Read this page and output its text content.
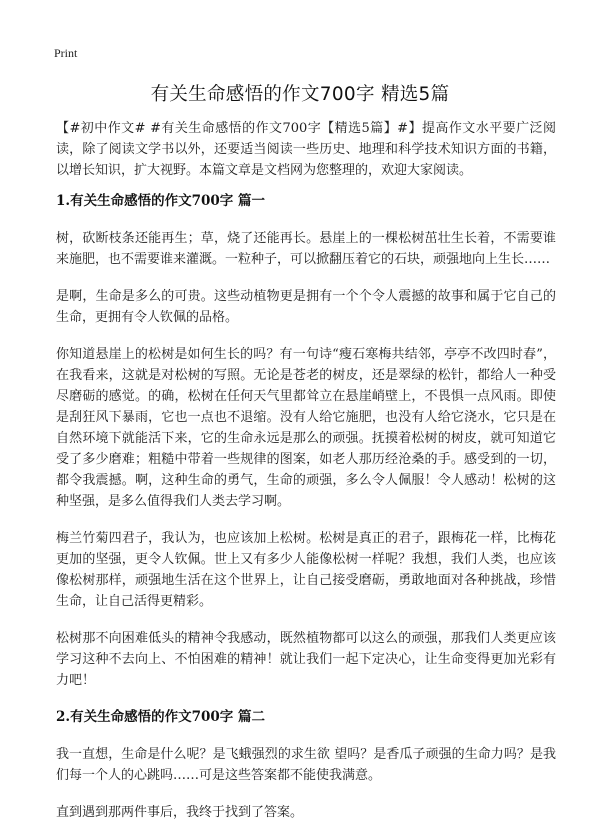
Print
有关生命感悟的作文700字 精选5篇

【#初中作文# #有关生命感悟的作文700字【精选5篇】#】提高作文水平要广泛阅读，除了阅读文学书以外，还要适当阅读一些历史、地理和科学技术知识方面的书籍，以增长知识，扩大视野。本篇文章是文档网为您整理的，欢迎大家阅读。

1.有关生命感悟的作文700字 篇一

树，砍断枝条还能再生；草，烧了还能再长。悬崖上的一棵松树茁壮生长着，不需要谁来施肥，也不需要谁来灌溉。一粒种子，可以掀翻压着它的石块，顽强地向上生长……

是啊，生命是多么的可贵。这些动植物更是拥有一个个令人震撼的故事和属于它自己的生命，更拥有令人钦佩的品格。

你知道悬崖上的松树是如何生长的吗？有一句诗“瘦石寒梅共结邻，亭亭不改四时春”，在我看来，这就是对松树的写照。无论是苍老的树皮，还是翠绿的松针，都给人一种受尽磨砺的感觉。的确，松树在任何天气里都耸立在悬崖峭壁上，不畏惧一点风雨。即使是刮狂风下暴雨，它也一点也不退缩。没有人给它施肥，也没有人给它浇水，它只是在自然环境下就能活下来，它的生命永远是那么的顽强。抚摸着松树的树皮，就可知道它受了多少磨难；粗糙中带着一些规律的图案，如老人那历经沧桑的手。感受到的一切，都令我震撼。啊，这种生命的勇气，生命的顽强，多么令人佩服！令人感动！松树的这种坚强，是多么值得我们人类去学习啊。

梅兰竹菊四君子，我认为，也应该加上松树。松树是真正的君子，跟梅花一样，比梅花更加的坚强，更令人钦佩。世上又有多少人能像松树一样呢？我想，我们人类，也应该像松树那样，顽强地生活在这个世界上，让自己接受磨砺，勇敢地面对各种挑战，珍惜生命，让自己活得更精彩。

松树那不向困难低头的精神令我感动，既然植物都可以这么的顽强，那我们人类更应该学习这种不去向上、不怕困难的精神！就让我们一起下定决心，让生命变得更加光彩有力吧！

2.有关生命感悟的作文700字 篇二

我一直想，生命是什么呢？是飞蛾强烈的求生欲 望吗？是香瓜子顽强的生命力吗？是我们每一个人的心跳吗……可是这些答案都不能使我满意。

直到遇到那两件事后，我终于找到了答案。
